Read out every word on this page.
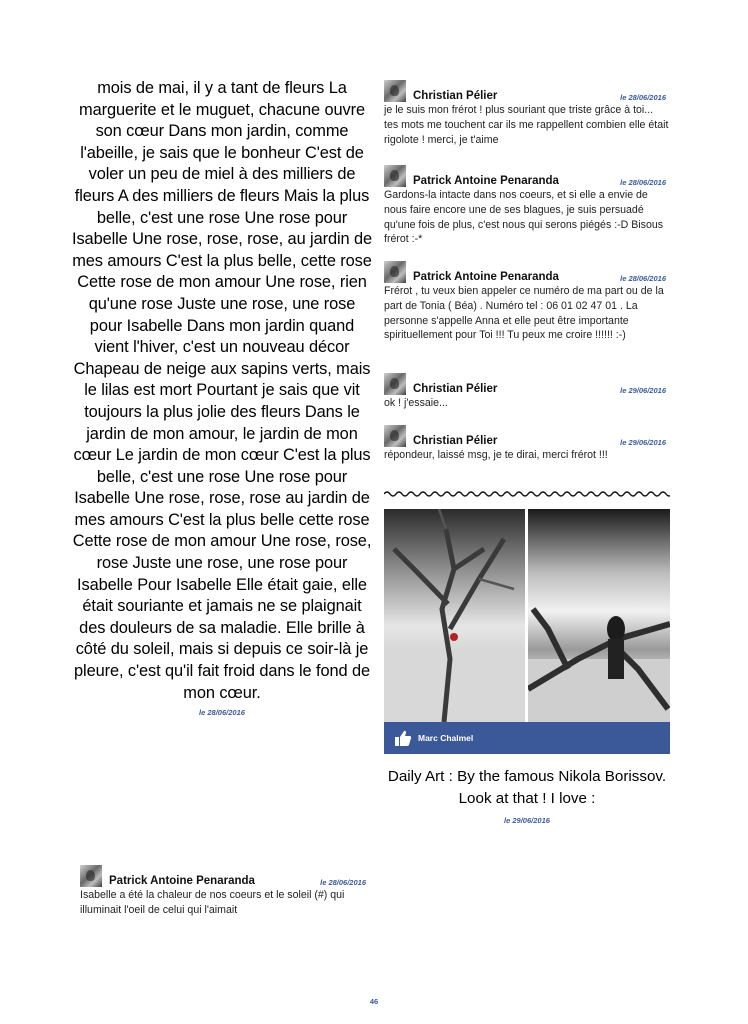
mois de mai, il y a tant de fleurs La marguerite et le muguet, chacune ouvre son cœur Dans mon jardin, comme l'abeille, je sais que le bonheur C'est de voler un peu de miel à des milliers de fleurs A des milliers de fleurs Mais la plus belle, c'est une rose Une rose pour Isabelle Une rose, rose, rose, au jardin de mes amours C'est la plus belle, cette rose Cette rose de mon amour Une rose, rien qu'une rose Juste une rose, une rose pour Isabelle Dans mon jardin quand vient l'hiver, c'est un nouveau décor Chapeau de neige aux sapins verts, mais le lilas est mort Pourtant je sais que vit toujours la plus jolie des fleurs Dans le jardin de mon amour, le jardin de mon cœur Le jardin de mon cœur C'est la plus belle, c'est une rose Une rose pour Isabelle Une rose, rose, rose au jardin de mes amours C'est la plus belle cette rose Cette rose de mon amour Une rose, rose, rose Juste une rose, une rose pour Isabelle Pour Isabelle Elle était gaie, elle était souriante et jamais ne se plaignait des douleurs de sa maladie. Elle brille à côté du soleil, mais si depuis ce soir-là je pleure, c'est qu'il fait froid dans le fond de mon cœur.

le 28/06/2016
Patrick Antoine Penaranda	le 28/06/2016
Isabelle a été la chaleur de nos coeurs et le soleil (#) qui illuminait l'oeil de celui qui l'aimait
Christian Pélier	le 28/06/2016
je le suis mon frérot ! plus souriant que triste grâce à toi... tes mots me touchent car ils me rappellent combien elle était rigolote ! merci, je t'aime
Patrick Antoine Penaranda	le 28/06/2016
Gardons-la intacte dans nos coeurs, et si elle a envie de nous faire encore une de ses blagues, je suis persuadé qu'une fois de plus, c'est nous qui serons piégés :-D Bisous frérot :-*
Patrick Antoine Penaranda	le 28/06/2016
Frérot , tu veux bien appeler ce numéro de ma part ou de la part de Tonia ( Béa) . Numéro tel : 06 01 02 47 01 . La personne s'appelle Anna et elle peut être importante spirituellement pour Toi !!! Tu peux me croire !!!!!! :-)
Christian Pélier	le 29/06/2016
ok ! j'essaie...
Christian Pélier	le 29/06/2016
répondeur, laissé msg, je te dirai, merci frérot !!!
Marc Chalmel
Daily Art : By the famous Nikola Borissov. Look at that ! I love :
le 29/06/2016
46
